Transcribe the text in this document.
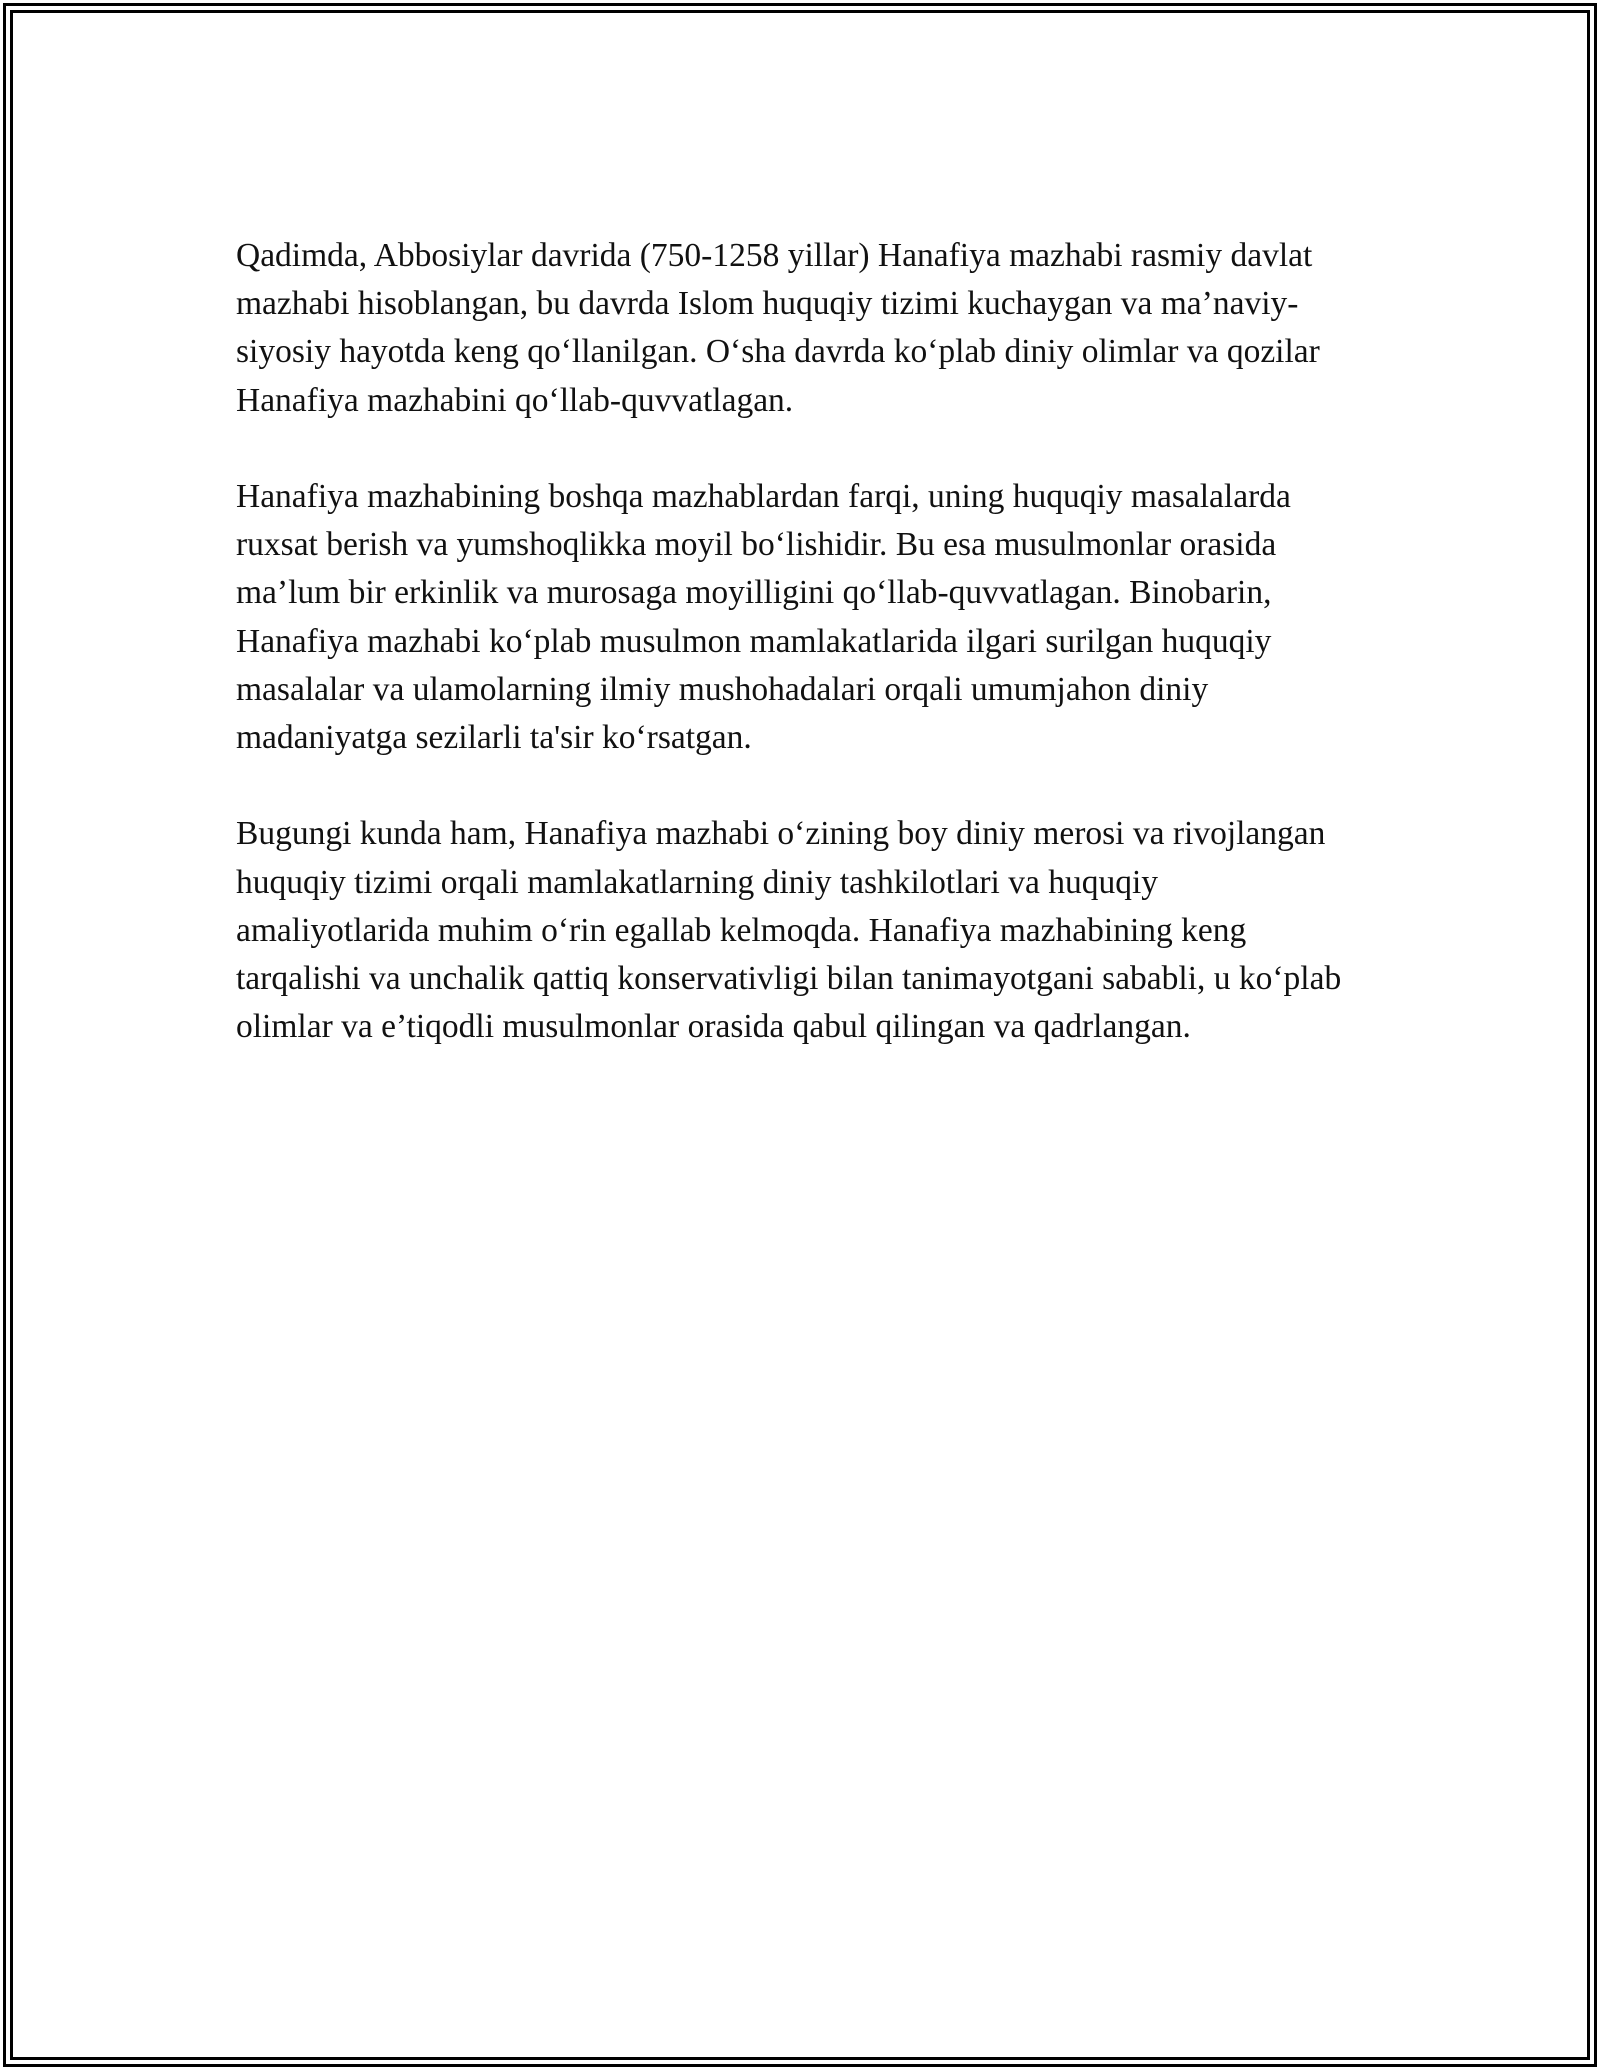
Qadimda, Abbosiylar davrida (750-1258 yillar) Hanafiya mazhabi rasmiy davlat mazhabi hisoblangan, bu davrda Islom huquqiy tizimi kuchaygan va ma’naviy-siyosiy hayotda keng qo‘llanilgan. O‘sha davrda ko‘plab diniy olimlar va qozilar Hanafiya mazhabini qo‘llab-quvvatlagan.

Hanafiya mazhabining boshqa mazhablardan farqi, uning huquqiy masalalarda ruxsat berish va yumshoqlikka moyil bo‘lishidir. Bu esa musulmonlar orasida ma’lum bir erkinlik va murosaga moyilligini qo‘llab-quvvatlagan. Binobarin, Hanafiya mazhabi ko‘plab musulmon mamlakatlarida ilgari surilgan huquqiy masalalar va ulamolarning ilmiy mushohadalari orqali umumjahon diniy madaniyatga sezilarli ta'sir ko‘rsatgan.

Bugungi kunda ham, Hanafiya mazhabi o‘zining boy diniy merosi va rivojlangan huquqiy tizimi orqali mamlakatlarning diniy tashkilotlari va huquqiy amaliyotlarida muhim o‘rin egallab kelmoqda. Hanafiya mazhabining keng tarqalishi va unchalik qattiq konservativligi bilan tanimayotgani sababli, u ko‘plab olimlar va e’tiqodli musulmonlar orasida qabul qilingan va qadrlangan.
